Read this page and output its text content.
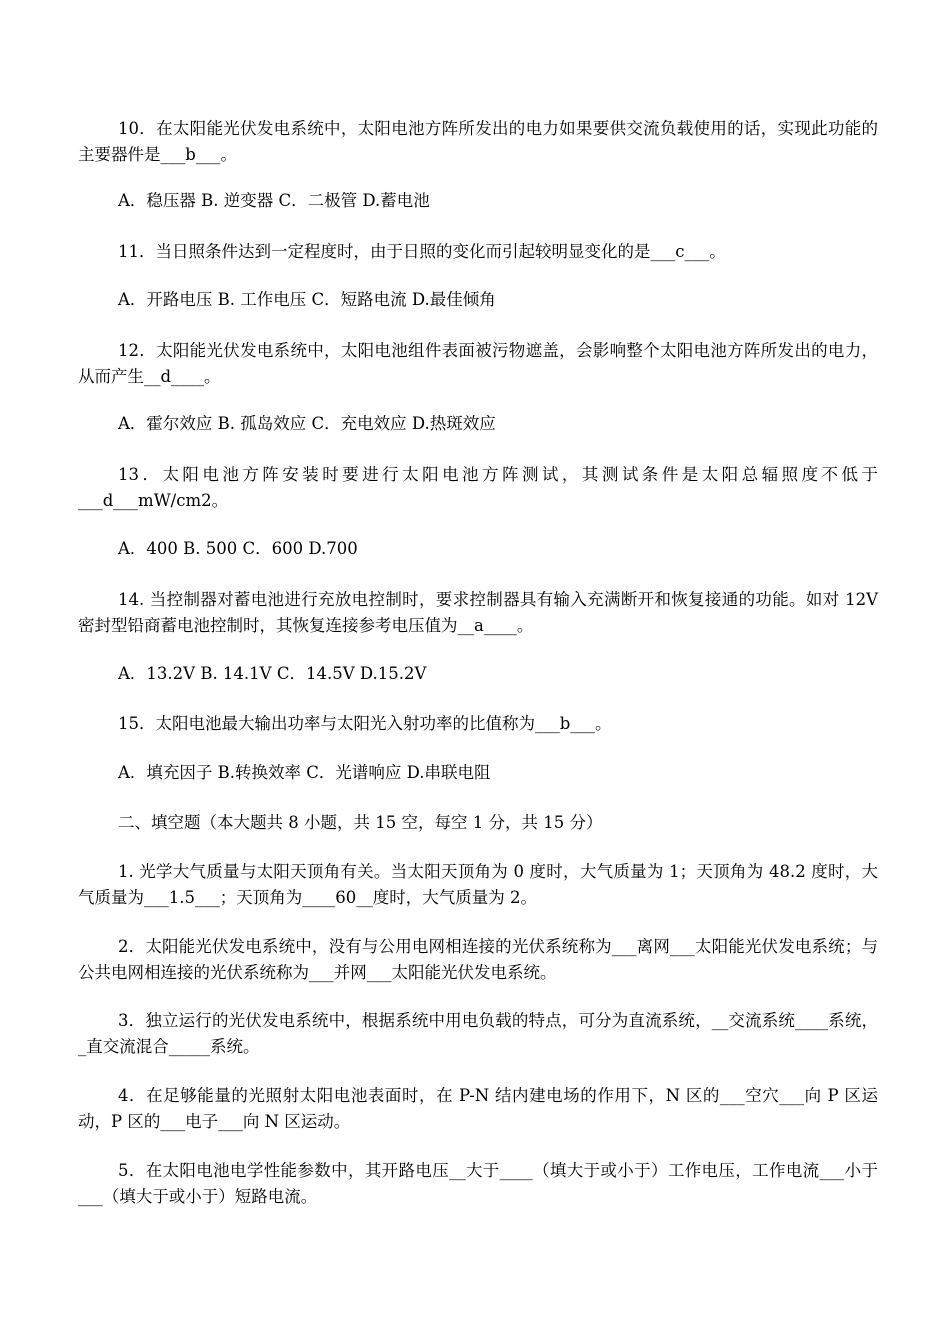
10．在太阳能光伏发电系统中，太阳电池方阵所发出的电力如果要供交流负载使用的话，实现此功能的主要器件是___b___。

A．稳压器 B. 逆变器 C．二极管 D.蓄电池

11．当日照条件达到一定程度时，由于日照的变化而引起较明显变化的是___c___。

A．开路电压 B. 工作电压 C．短路电流 D.最佳倾角

12．太阳能光伏发电系统中，太阳电池组件表面被污物遮盖，会影响整个太阳电池方阵所发出的电力，从而产生__d____。

A．霍尔效应 B. 孤岛效应 C．充电效应 D.热斑效应

13．太阳电池方阵安装时要进行太阳电池方阵测试，其测试条件是太阳总辐照度不低于___d___mW/cm2。

A．400 B. 500 C．600 D.700

14. 当控制器对蓄电池进行充放电控制时，要求控制器具有输入充满断开和恢复接通的功能。如对 12V 密封型铅商蓄电池控制时，其恢复连接参考电压值为__a____。

A．13.2V B. 14.1V C．14.5V D.15.2V

15．太阳电池最大输出功率与太阳光入射功率的比值称为___b___。

A．填充因子 B.转换效率 C．光谱响应 D.串联电阻

二、填空题（本大题共 8 小题，共 15 空，每空 1 分，共 15 分）

1. 光学大气质量与太阳天顶角有关。当太阳天顶角为 0 度时，大气质量为 1；天顶角为 48.2 度时，大气质量为___1.5___；天顶角为____60__度时，大气质量为 2。

2．太阳能光伏发电系统中，没有与公用电网相连接的光伏系统称为___离网___太阳能光伏发电系统；与公共电网相连接的光伏系统称为___并网___太阳能光伏发电系统。

3．独立运行的光伏发电系统中，根据系统中用电负载的特点，可分为直流系统，__交流系统____系统，_直交流混合_____系统。

4．在足够能量的光照射太阳电池表面时，在 P-N 结内建电场的作用下，N 区的___空穴___向 P 区运动，P 区的___电子___向 N 区运动。

5．在太阳电池电学性能参数中，其开路电压__大于____（填大于或小于）工作电压，工作电流___小于___（填大于或小于）短路电流。
